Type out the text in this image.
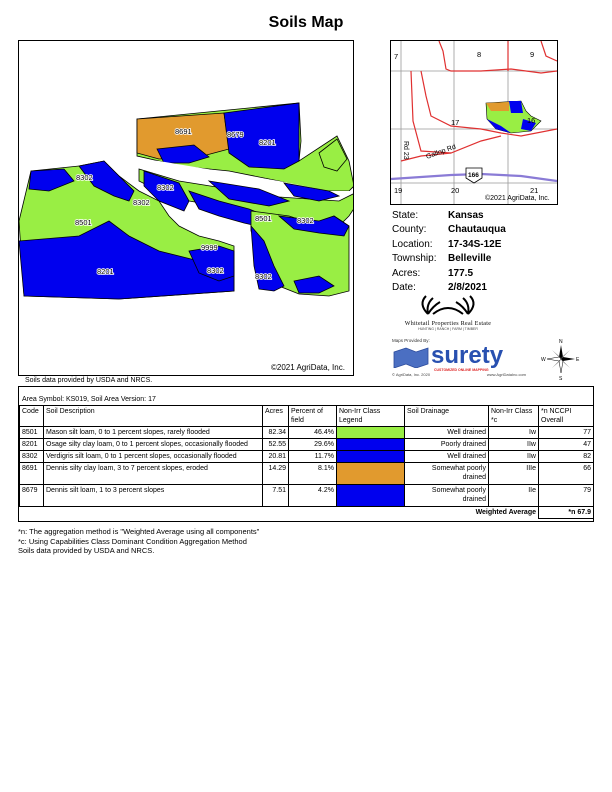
Soils Map
8691	8679
8201
8302
8302
8302
8501	8501	8302
9999
8302
8201
8302
©2021 AgriData, Inc.
7	8	9
17	16
19	20	21
Rd 23 Gallop Rd
166
©2021 AgriData, Inc.
State:	Kansas
County:	Chautauqua
Location:	17-34S-12E
Township:	Belleville
Acres:	177.5
Date:	2/8/2021
Whitetail Properties Real Estate
HUNTING | RANCH | FARM | TIMBER
Maps Provided By:
surety
CUSTOMIZED ONLINE MAPPING
© AgriData, Inc. 2020	www.AgriDataInc.com
N
S
W	E
Soils data provided by USDA and NRCS.
Area Symbol: KS019, Soil Area Version: 17
Code	Soil Description	Acres	Percent of field	Non-Irr Class Legend	Soil Drainage	Non-Irr Class *c	*n NCCPI Overall
8501	Mason silt loam, 0 to 1 percent slopes, rarely flooded	82.34	46.4%		Well drained	Iw	77
8201	Osage silty clay loam, 0 to 1 percent slopes, occasionally flooded	52.55	29.6%		Poorly drained	IIw	47
8302	Verdigris silt loam, 0 to 1 percent slopes, occasionally flooded	20.81	11.7%		Well drained	IIw	82
8691	Dennis silty clay loam, 3 to 7 percent slopes, eroded	14.29	8.1%		Somewhat poorly drained	IIIe	66
8679	Dennis silt loam, 1 to 3 percent slopes	7.51	4.2%		Somewhat poorly drained	IIe	79
Weighted Average							*n 67.9
*n: The aggregation method is "Weighted Average using all components"
*c: Using Capabilities Class Dominant Condition Aggregation Method
Soils data provided by USDA and NRCS.
